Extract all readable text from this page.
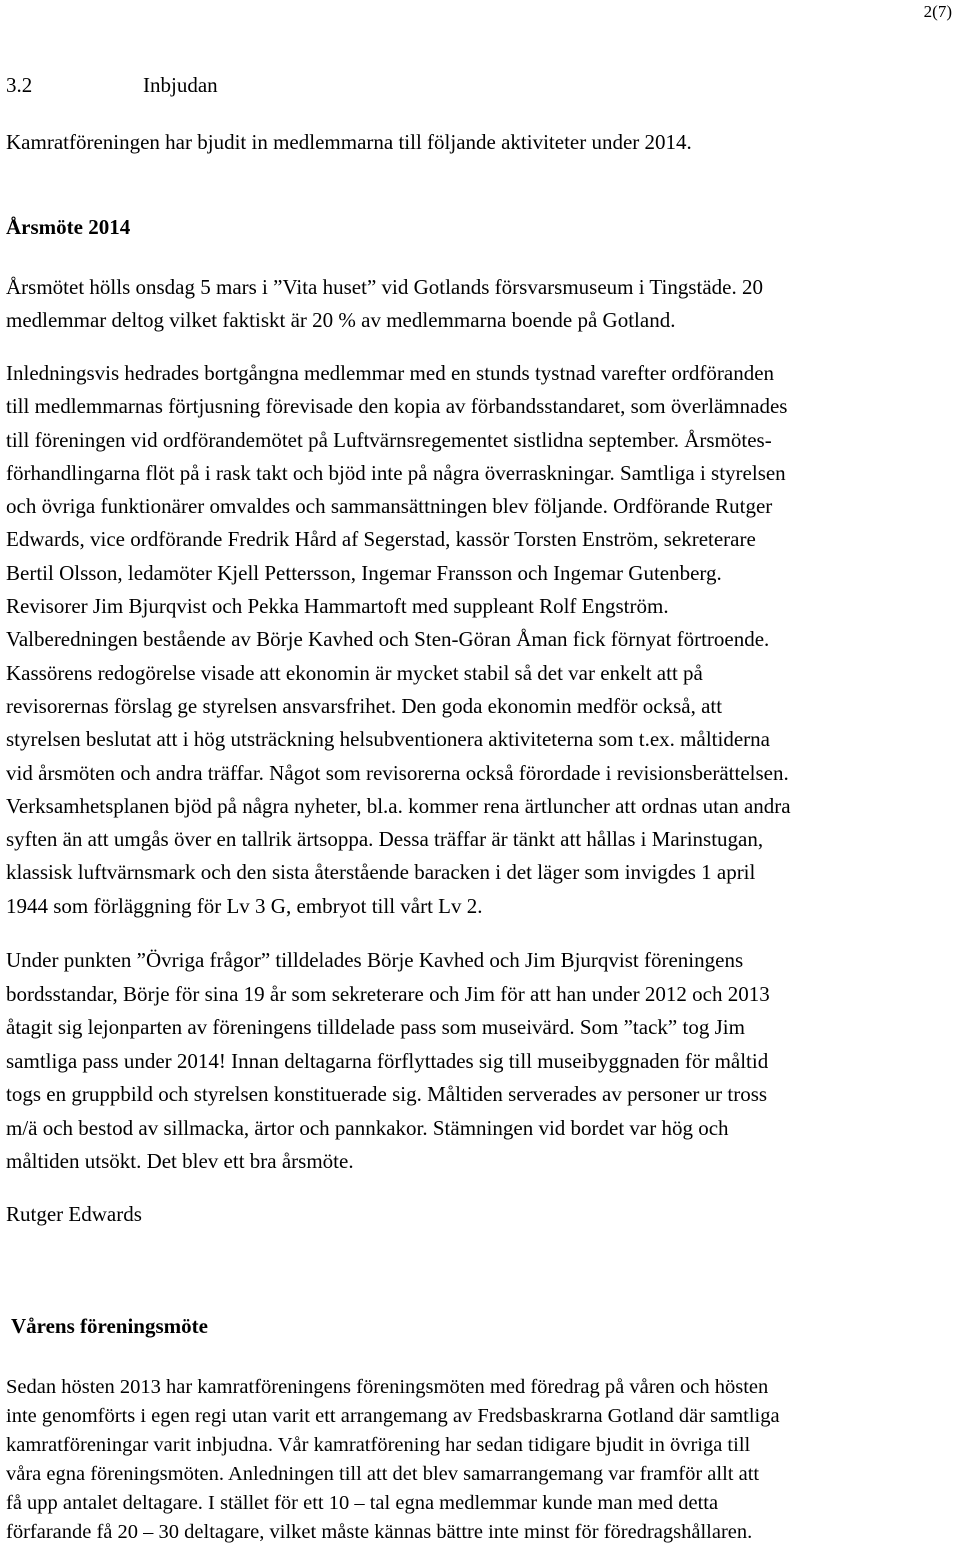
2(7)
3.2	Inbjudan
Kamratföreningen har bjudit in medlemmarna till följande aktiviteter under 2014.
Årsmöte 2014

Årsmötet hölls onsdag 5 mars i ”Vita huset” vid Gotlands försvarsmuseum i Tingstäde. 20
medlemmar deltog vilket faktiskt är 20 % av medlemmarna boende på Gotland.

Inledningsvis hedrades bortgångna medlemmar med en stunds tystnad varefter ordföranden
till medlemmarnas förtjusning förevisade den kopia av förbandsstandaret, som överlämnades
till föreningen vid ordförandemötet på Luftvärnsregementet sistlidna september. Årsmötes-
förhandlingarna flöt på i rask takt och bjöd inte på några överraskningar. Samtliga i styrelsen
och övriga funktionärer omvaldes och sammansättningen blev följande. Ordförande Rutger
Edwards, vice ordförande Fredrik Hård af Segerstad, kassör Torsten Enström, sekreterare
Bertil Olsson, ledamöter Kjell Pettersson, Ingemar Fransson och Ingemar Gutenberg.
Revisorer Jim Bjurqvist och Pekka Hammartoft med suppleant Rolf Engström.
Valberedningen bestående av Börje Kavhed och Sten-Göran Åman fick förnyat förtroende.
Kassörens redogörelse visade att ekonomin är mycket stabil så det var enkelt att på
revisorernas förslag ge styrelsen ansvarsfrihet. Den goda ekonomin medför också, att
styrelsen beslutat att i hög utsträckning helsubventionera aktiviteterna som t.ex. måltiderna
vid årsmöten och andra träffar. Något som revisorerna också förordade i revisionsberättelsen.
Verksamhetsplanen bjöd på några nyheter, bl.a. kommer rena ärtluncher att ordnas utan andra
syften än att umgås över en tallrik ärtsoppa. Dessa träffar är tänkt att hållas i Marinstugan,
klassisk luftvärnsmark och den sista återstående baracken i det läger som invigdes 1 april
1944 som förläggning för Lv 3 G, embryot till vårt Lv 2.

Under punkten ”Övriga frågor” tilldelades Börje Kavhed och Jim Bjurqvist föreningens
bordsstandar, Börje för sina 19 år som sekreterare och Jim för att han under 2012 och 2013
åtagit sig lejonparten av föreningens tilldelade pass som museivärd. Som ”tack” tog Jim
samtliga pass under 2014! Innan deltagarna förflyttades sig till museibyggnaden för måltid
togs en gruppbild och styrelsen konstituerade sig. Måltiden serverades av personer ur tross
m/ä och bestod av sillmacka, ärtor och pannkakor. Stämningen vid bordet var hög och
måltiden utsökt. Det blev ett bra årsmöte.

Rutger Edwards
Vårens föreningsmöte

Sedan hösten 2013 har kamratföreningens föreningsmöten med föredrag på våren och hösten
inte genomförts i egen regi utan varit ett arrangemang av Fredsbaskrarna Gotland där samtliga
kamratföreningar varit inbjudna. Vår kamratförening har sedan tidigare bjudit in övriga till
våra egna föreningsmöten. Anledningen till att det blev samarrangemang var framför allt att
få upp antalet deltagare. I stället för ett 10 – tal egna medlemmar kunde man med detta
förfarande få 20 – 30 deltagare, vilket måste kännas bättre inte minst för föredragshållaren.
